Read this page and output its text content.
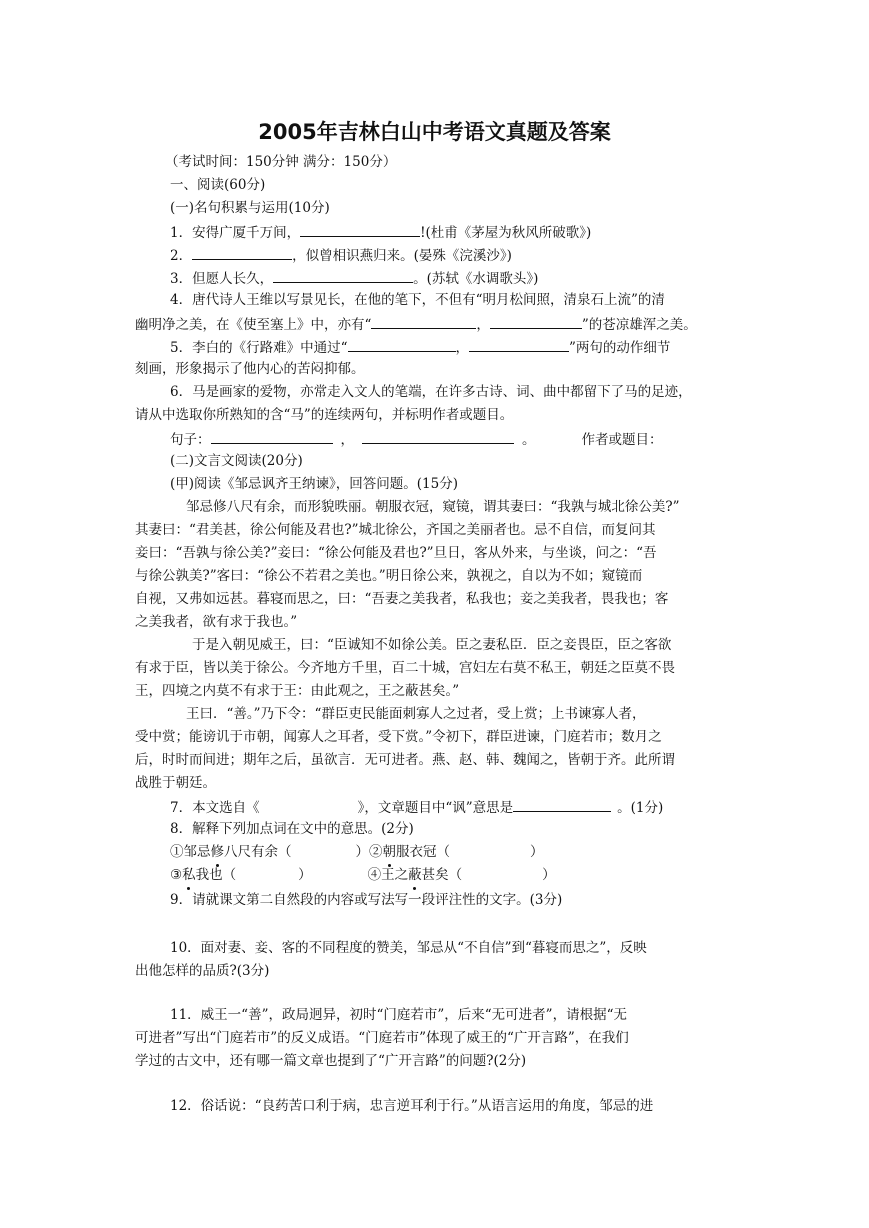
2005年吉林白山中考语文真题及答案
（考试时间：150分钟 满分：150分）
一、阅读(60分)
(一)名句积累与运用(10分)
1．安得广厦千万间，	!(杜甫《茅屋为秋风所破歌》)
2．	，似曾相识燕归来。(晏殊《浣溪沙》)
3．但愿人长久，	。(苏轼《水调歌头》)
4．唐代诗人王维以写景见长，在他的笔下，不但有“明月松间照，清泉石上流”的清
幽明净之美，在《使至塞上》中，亦有“	，	”的苍凉雄浑之美。
5．李白的《行路难》中通过“	，	”两句的动作细节
刻画，形象揭示了他内心的苦闷抑郁。
6．马是画家的爱物，亦常走入文人的笔端，在许多古诗、词、曲中都留下了马的足迹，
请从中选取你所熟知的含“马”的连续两句，并标明作者或题目。
句子：	，	。	作者或题目：
(二)文言文阅读(20分)
(甲)阅读《邹忌讽齐王纳谏》，回答问题。(15分)
邹忌修八尺有余，而形貌昳丽。朝服衣冠，窥镜，谓其妻曰：“我孰与城北徐公美?”
其妻曰：“君美甚，徐公何能及君也?”城北徐公，齐国之美丽者也。忌不自信，而复问其
妾曰：“吾孰与徐公美?”妾曰：“徐公何能及君也?”旦日，客从外来，与坐谈，问之：“吾
与徐公孰美?”客曰：“徐公不若君之美也。”明日徐公来，孰视之，自以为不如；窥镜而
自视，又弗如远甚。暮寝而思之，曰：“吾妻之美我者，私我也；妾之美我者，畏我也；客
之美我者，欲有求于我也。”
于是入朝见威王，曰：“臣诚知不如徐公美。臣之妻私臣．臣之妾畏臣，臣之客欲
有求于臣，皆以美于徐公。今齐地方千里，百二十城，宫妇左右莫不私王，朝廷之臣莫不畏
王，四境之内莫不有求于王：由此观之，王之蔽甚矣。”
王曰．“善。”乃下令：“群臣吏民能面刺寡人之过者，受上赏；上书谏寡人者，
受中赏；能谤讥于市朝，闻寡人之耳者，受下赏。”令初下，群臣进谏，门庭若市；数月之
后，时时而间进；期年之后，虽欲言．无可进者。燕、赵、韩、魏闻之，皆朝于齐。此所谓
战胜于朝廷。
7．本文选自《	》，文章题目中“讽”意思是	。(1分)
8．解释下列加点词在文中的意思。(2分)
①邹忌修八尺有余（	）②朝服衣冠（	）
③私我也（	）	④王之蔽甚矣（	）
9．请就课文第二自然段的内容或写法写一段评注性的文字。(3分)
10．面对妻、妾、客的不同程度的赞美，邹忌从“不自信”到“暮寝而思之”，反映
出他怎样的品质?(3分)
11．威王一“善”，政局迥异，初时“门庭若市”，后来“无可进者”，请根据“无
可进者”写出“门庭若市”的反义成语。“门庭若市”体现了威王的“广开言路”，在我们
学过的古文中，还有哪一篇文章也提到了“广开言路”的问题?(2分)
12．俗话说：“良药苦口利于病，忠言逆耳利于行。”从语言运用的角度，邹忌的进
